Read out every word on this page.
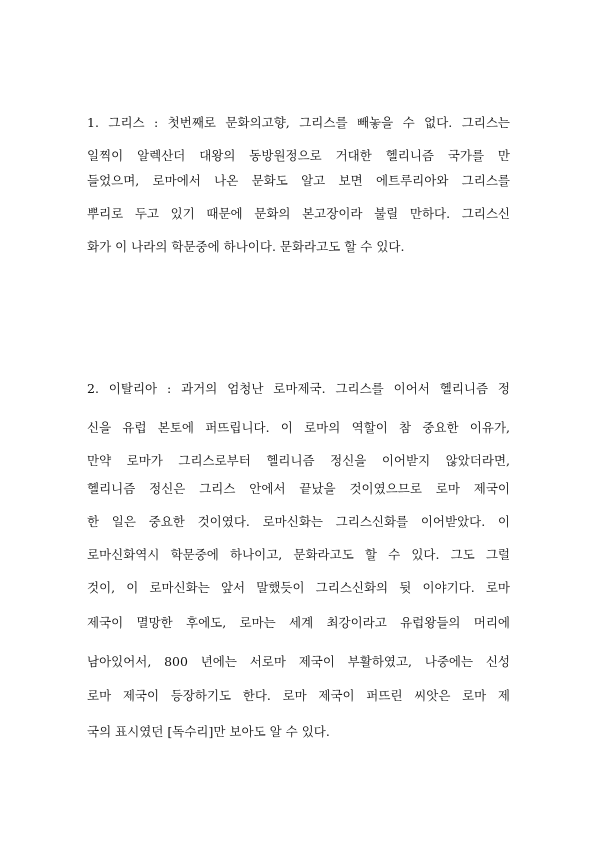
1. 그리스 : 첫번째로 문화의고향, 그리스를 빼놓을 수 없다. 그리스는
일찍이 알렉산더 대왕의 동방원정으로 거대한 헬리니즘 국가를 만
들었으며, 로마에서 나온 문화도 알고 보면 에트루리아와 그리스를
뿌리로 두고 있기 때문에 문화의 본고장이라 불릴 만하다. 그리스신
화가 이 나라의 학문중에 하나이다. 문화라고도 할 수 있다.
2. 이탈리아 : 과거의 엄청난 로마제국. 그리스를 이어서 헬리니즘 정
신을 유럽 본토에 퍼뜨립니다. 이 로마의 역할이 참 중요한 이유가,
만약 로마가 그리스로부터 헬리니즘 정신을 이어받지 않았더라면,
헬리니즘 정신은 그리스 안에서 끝났을 것이였으므로 로마 제국이
한 일은 중요한 것이였다. 로마신화는 그리스신화를 이어받았다. 이
로마신화역시 학문중에 하나이고, 문화라고도 할 수 있다. 그도 그럴
것이, 이 로마신화는 앞서 말했듯이 그리스신화의 뒷 이야기다. 로마
제국이 멸망한 후에도, 로마는 세계 최강이라고 유럽왕들의 머리에
남아있어서, 800 년에는 서로마 제국이 부활하였고, 나중에는 신성
로마 제국이 등장하기도 한다. 로마 제국이 퍼뜨린 씨앗은 로마 제
국의 표시였던 [독수리]만 보아도 알 수 있다.
